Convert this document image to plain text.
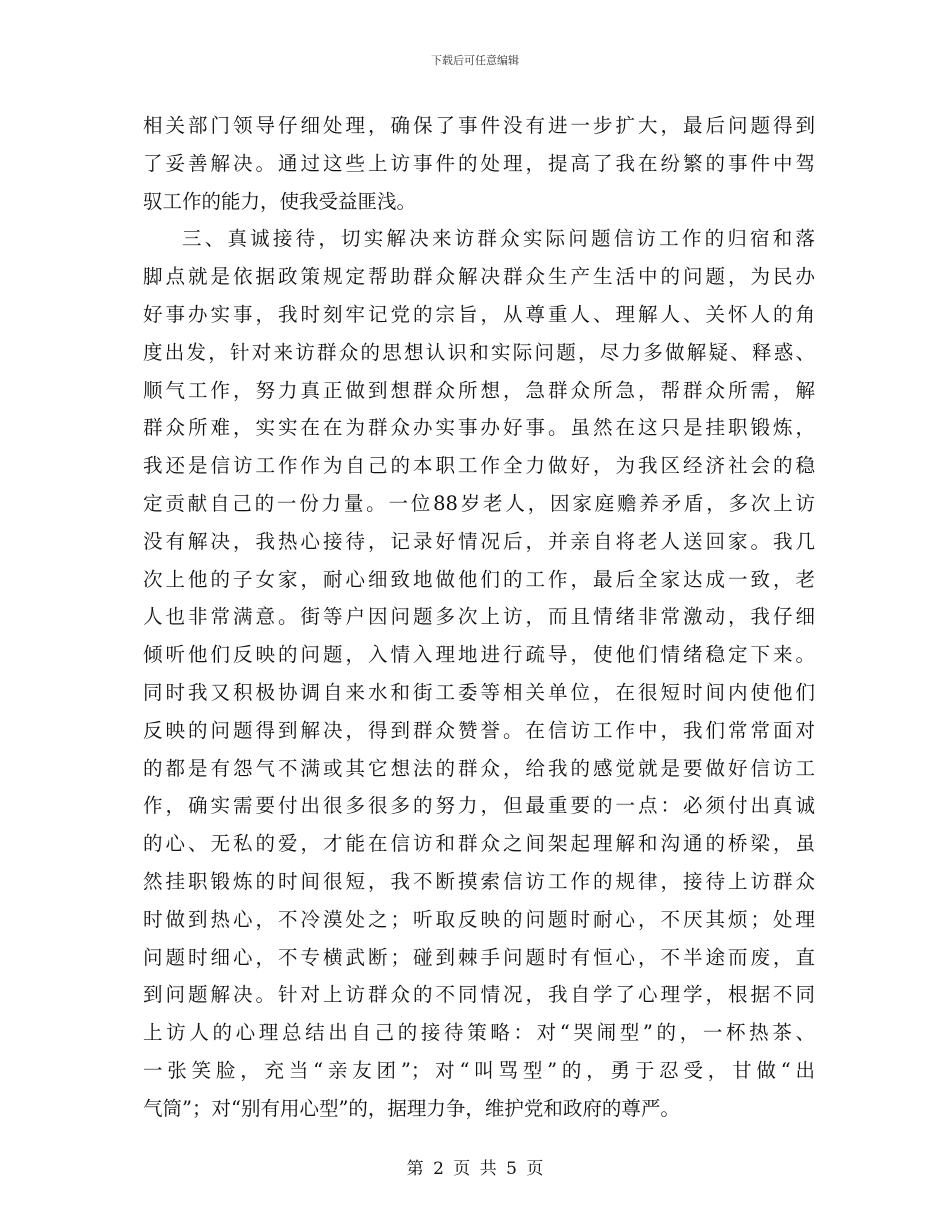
下载后可任意编辑
相关部门领导仔细处理，确保了事件没有进一步扩大，最后问题得到
了妥善解决。通过这些上访事件的处理，提高了我在纷繁的事件中驾
驭工作的能力，使我受益匪浅。
三、真诚接待，切实解决来访群众实际问题信访工作的归宿和落
脚点就是依据政策规定帮助群众解决群众生产生活中的问题，为民办
好事办实事，我时刻牢记党的宗旨，从尊重人、理解人、关怀人的角
度出发，针对来访群众的思想认识和实际问题，尽力多做解疑、释惑、
顺气工作，努力真正做到想群众所想，急群众所急，帮群众所需，解
群众所难，实实在在为群众办实事办好事。虽然在这只是挂职锻炼，
我还是信访工作作为自己的本职工作全力做好，为我区经济社会的稳
定贡献自己的一份力量。一位88岁老人，因家庭赡养矛盾，多次上访
没有解决，我热心接待，记录好情况后，并亲自将老人送回家。我几
次上他的子女家，耐心细致地做他们的工作，最后全家达成一致，老
人也非常满意。街等户因问题多次上访，而且情绪非常激动，我仔细
倾听他们反映的问题，入情入理地进行疏导，使他们情绪稳定下来。
同时我又积极协调自来水和街工委等相关单位，在很短时间内使他们
反映的问题得到解决，得到群众赞誉。在信访工作中，我们常常面对
的都是有怨气不满或其它想法的群众，给我的感觉就是要做好信访工
作，确实需要付出很多很多的努力，但最重要的一点：必须付出真诚
的心、无私的爱，才能在信访和群众之间架起理解和沟通的桥梁，虽
然挂职锻炼的时间很短，我不断摸索信访工作的规律，接待上访群众
时做到热心，不冷漠处之；听取反映的问题时耐心，不厌其烦；处理
问题时细心，不专横武断；碰到棘手问题时有恒心，不半途而废，直
到问题解决。针对上访群众的不同情况，我自学了心理学，根据不同
上访人的心理总结出自己的接待策略：对“哭闹型”的，一杯热茶、
一张笑脸，充当“亲友团”；对“叫骂型”的，勇于忍受，甘做“出
气筒”；对“别有用心型”的，据理力争，维护党和政府的尊严。
第 2 页 共 5 页
